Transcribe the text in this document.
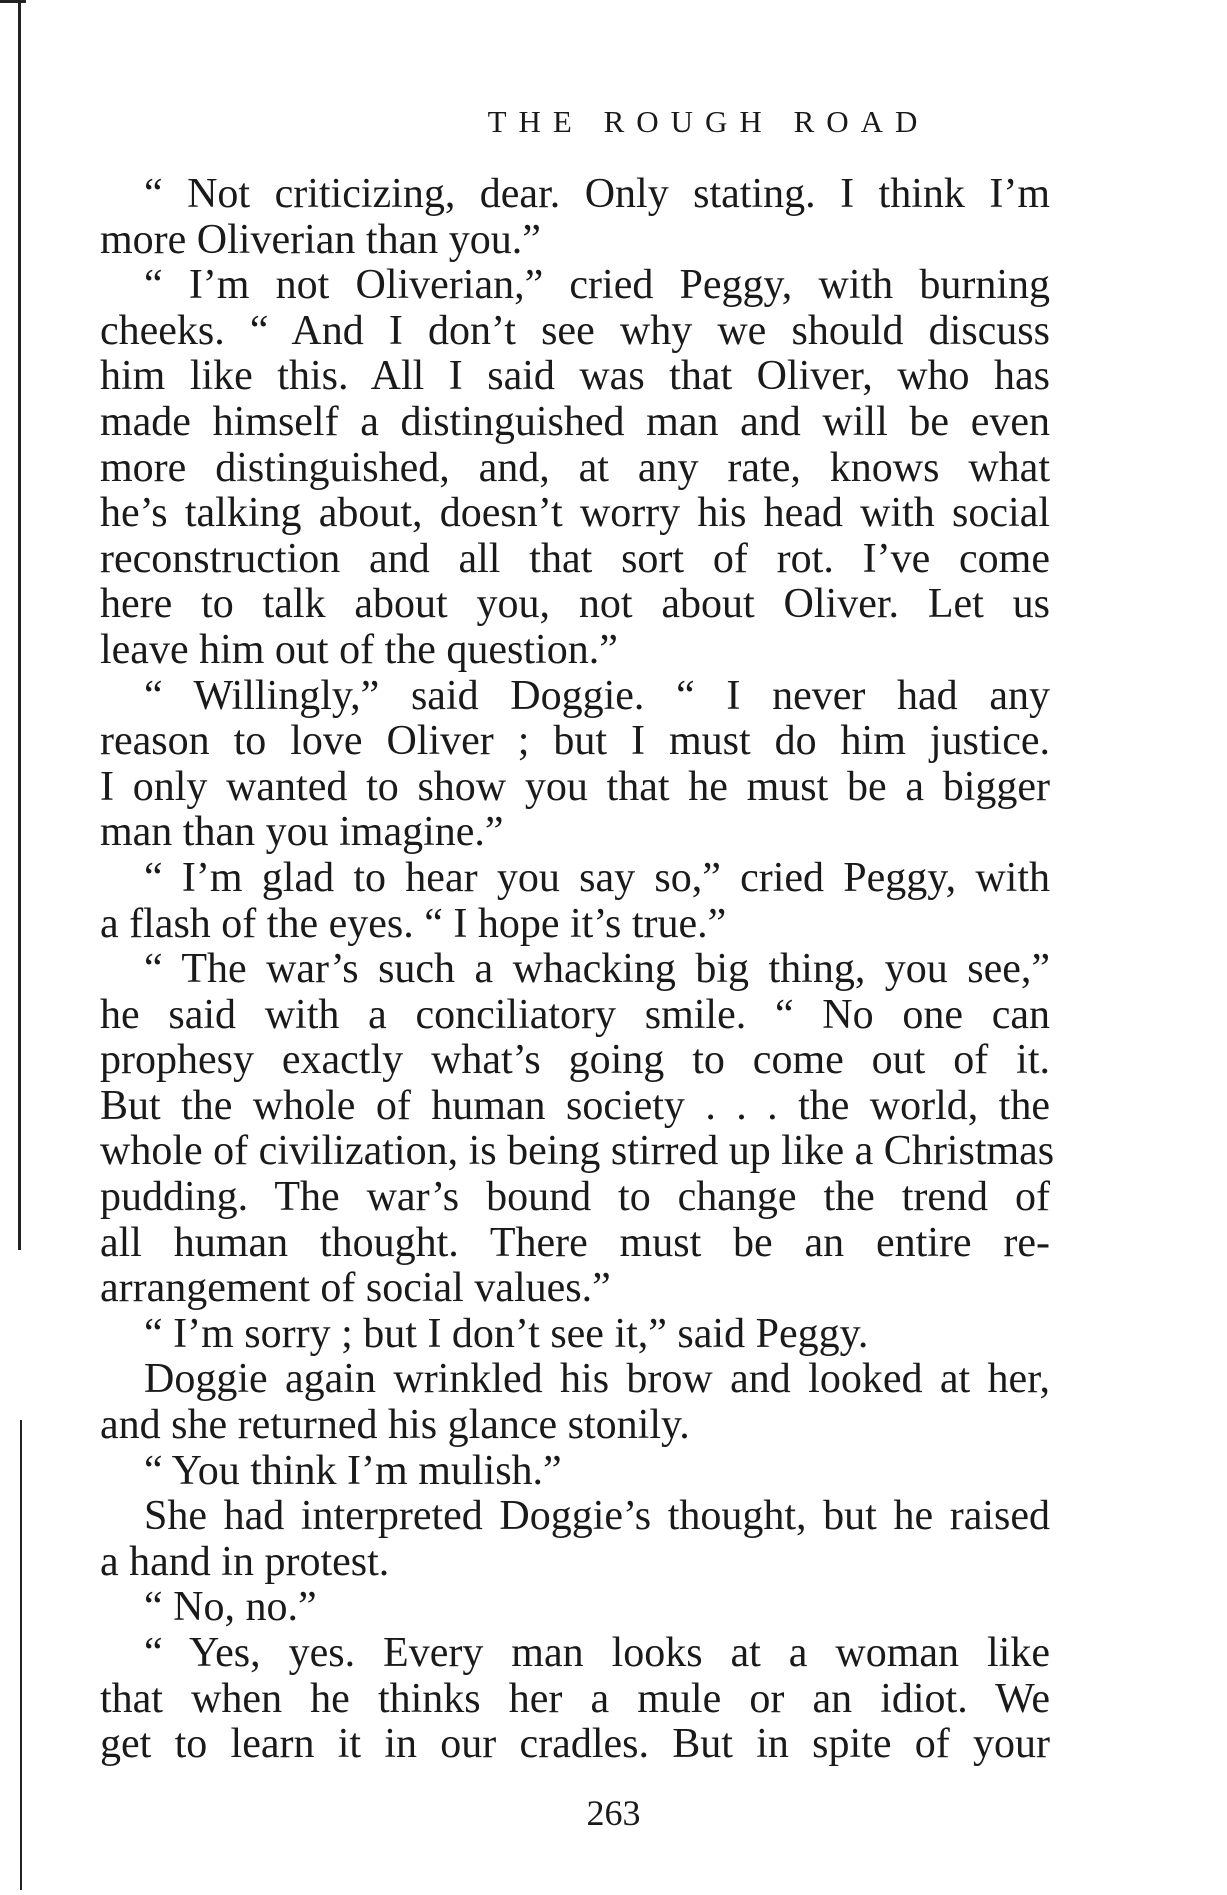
THE ROUGH ROAD
“ Not criticizing, dear. Only stating. I think I’m
more Oliverian than you.”
“ I’m not Oliverian,” cried Peggy, with burning
cheeks. “ And I don’t see why we should discuss
him like this. All I said was that Oliver, who has
made himself a distinguished man and will be even
more distinguished, and, at any rate, knows what
he’s talking about, doesn’t worry his head with social
reconstruction and all that sort of rot. I’ve come
here to talk about you, not about Oliver. Let us
leave him out of the question.”
“ Willingly,” said Doggie. “ I never had any
reason to love Oliver ; but I must do him justice.
I only wanted to show you that he must be a bigger
man than you imagine.”
“ I’m glad to hear you say so,” cried Peggy, with
a flash of the eyes. “ I hope it’s true.”
“ The war’s such a whacking big thing, you see,”
he said with a conciliatory smile. “ No one can
prophesy exactly what’s going to come out of it.
But the whole of human society . . . the world, the
whole of civilization, is being stirred up like a Christmas
pudding. The war’s bound to change the trend of
all human thought. There must be an entire re-
arrangement of social values.”
“ I’m sorry ; but I don’t see it,” said Peggy.
Doggie again wrinkled his brow and looked at her,
and she returned his glance stonily.
“ You think I’m mulish.”
She had interpreted Doggie’s thought, but he raised
a hand in protest.
“ No, no.”
“ Yes, yes. Every man looks at a woman like
that when he thinks her a mule or an idiot. We
get to learn it in our cradles. But in spite of your
263
